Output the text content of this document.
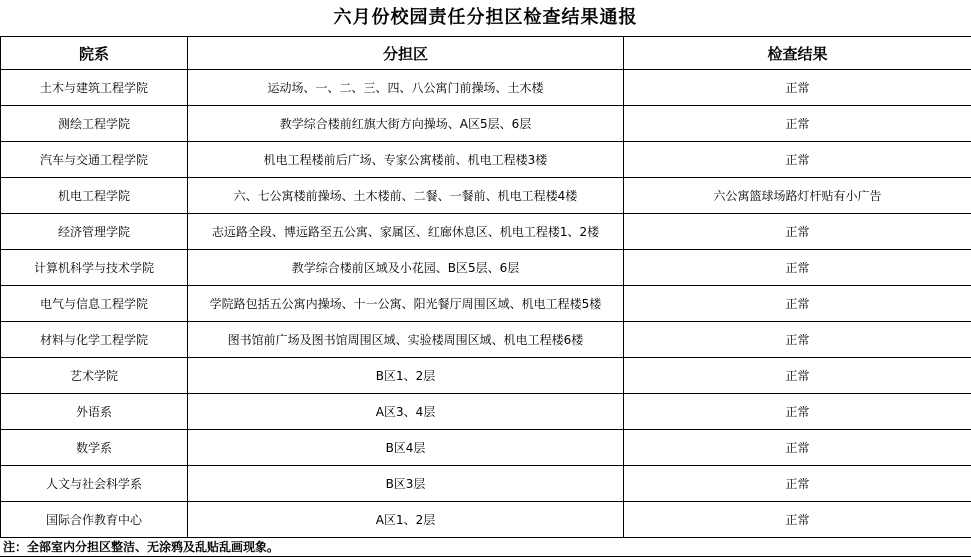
六月份校园责任分担区检查结果通报
院系	分担区	检查结果
土木与建筑工程学院	运动场、一、二、三、四、八公寓门前操场、土木楼	正常
测绘工程学院	教学综合楼前红旗大街方向操场、A区5层、6层	正常
汽车与交通工程学院	机电工程楼前后广场、专家公寓楼前、机电工程楼3楼	正常
机电工程学院	六、七公寓楼前操场、土木楼前、二餐、一餐前、机电工程楼4楼	六公寓篮球场路灯杆贴有小广告
经济管理学院	志远路全段、博远路至五公寓、家属区、红廊休息区、机电工程楼1、2楼	正常
计算机科学与技术学院	教学综合楼前区域及小花园、B区5层、6层	正常
电气与信息工程学院	学院路包括五公寓内操场、十一公寓、阳光餐厅周围区域、机电工程楼5楼	正常
材料与化学工程学院	图书馆前广场及图书馆周围区域、实验楼周围区域、机电工程楼6楼	正常
艺术学院	B区1、2层	正常
外语系	A区3、4层	正常
数学系	B区4层	正常
人文与社会科学系	B区3层	正常
国际合作教育中心	A区1、2层	正常
注：全部室内分担区整洁、无涂鸦及乱贴乱画现象。
